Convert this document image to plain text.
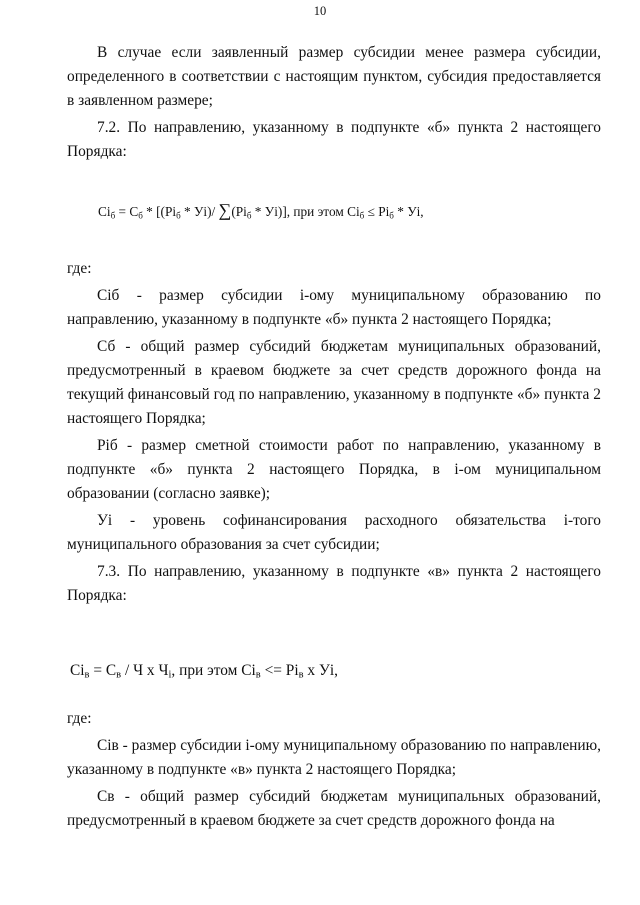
10

В случае если заявленный размер субсидии менее размера субсидии, определенного в соответствии с настоящим пунктом, субсидия предоставляется в заявленном размере;

7.2. По направлению, указанному в подпункте «б» пункта 2 настоящего Порядка:

$Ci_б = С_б * [(Pi_б * Уi)/$ $\sum(Pi_б * Уi)$], при этом $Ci_б \le Pi_б$ * Уi,

где:

Ciб - размер субсидии i-ому муниципальному образованию по направлению, указанному в подпункте «б» пункта 2 настоящего Порядка;

Сб - общий размер субсидий бюджетам муниципальных образований, предусмотренный в краевом бюджете за счет средств дорожного фонда на текущий финансовый год по направлению, указанному в подпункте «б» пункта 2 настоящего Порядка;

Piб - размер сметной стоимости работ по направлению, указанному в подпункте «б» пункта 2 настоящего Порядка, в i-ом муниципальном образовании (согласно заявке);

Уi - уровень софинансирования расходного обязательства i-того муниципального образования за счет субсидии;

7.3. По направлению, указанному в подпункте «в» пункта 2 настоящего Порядка:

$Ci_в = С_в / Ч$ х $Ч_i$, при этом $Ci_в <= Pi_в$ х Уi,

где:

Ciв - размер субсидии i-ому муниципальному образованию по направлению, указанному в подпункте «в» пункта 2 настоящего Порядка;

Св - общий размер субсидий бюджетам муниципальных образований, предусмотренный в краевом бюджете за счет средств дорожного фонда на
